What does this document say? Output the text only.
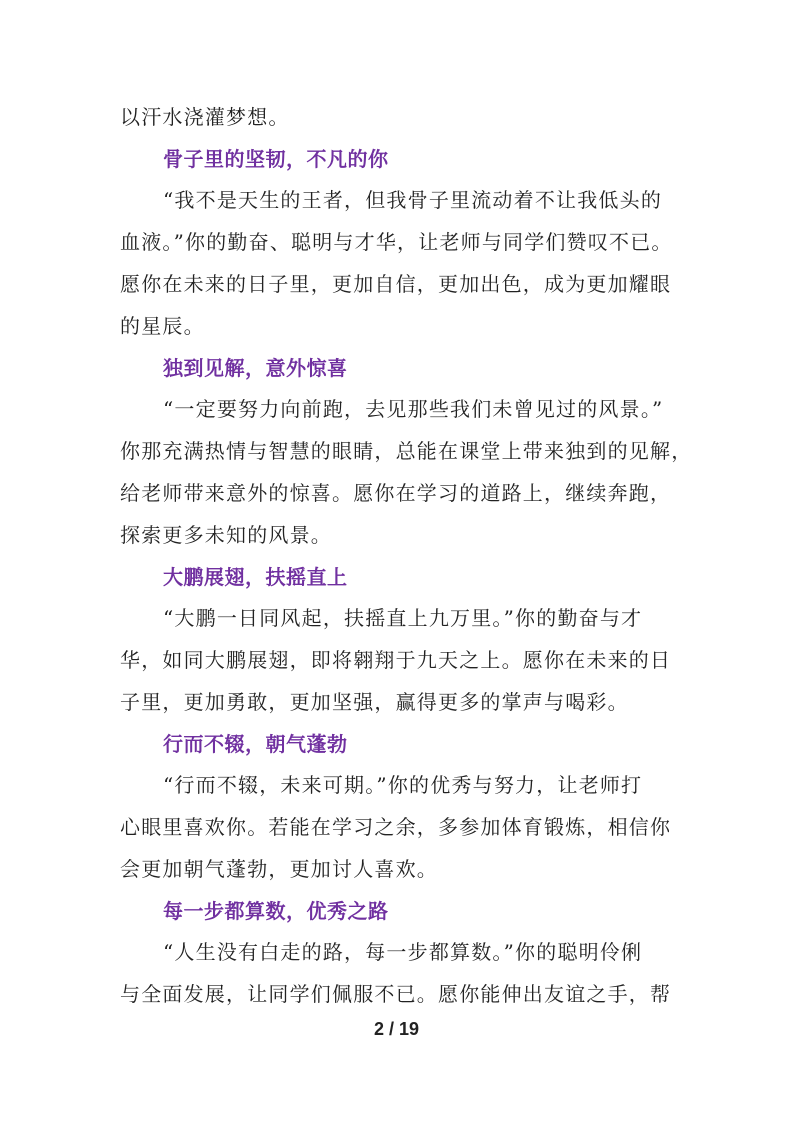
以汗水浇灌梦想。
骨子里的坚韧，不凡的你
“我不是天生的王者，但我骨子里流动着不让我低头的
血液。”你的勤奋、聪明与才华，让老师与同学们赞叹不已。
愿你在未来的日子里，更加自信，更加出色，成为更加耀眼
的星辰。
独到见解，意外惊喜
“一定要努力向前跑，去见那些我们未曾见过的风景。”
你那充满热情与智慧的眼睛，总能在课堂上带来独到的见解，
给老师带来意外的惊喜。愿你在学习的道路上，继续奔跑，
探索更多未知的风景。
大鹏展翅，扶摇直上
“大鹏一日同风起，扶摇直上九万里。”你的勤奋与才
华，如同大鹏展翅，即将翱翔于九天之上。愿你在未来的日
子里，更加勇敢，更加坚强，赢得更多的掌声与喝彩。
行而不辍，朝气蓬勃
“行而不辍，未来可期。”你的优秀与努力，让老师打
心眼里喜欢你。若能在学习之余，多参加体育锻炼，相信你
会更加朝气蓬勃，更加讨人喜欢。
每一步都算数，优秀之路
“人生没有白走的路，每一步都算数。”你的聪明伶俐
与全面发展，让同学们佩服不已。愿你能伸出友谊之手，帮
2 / 19
